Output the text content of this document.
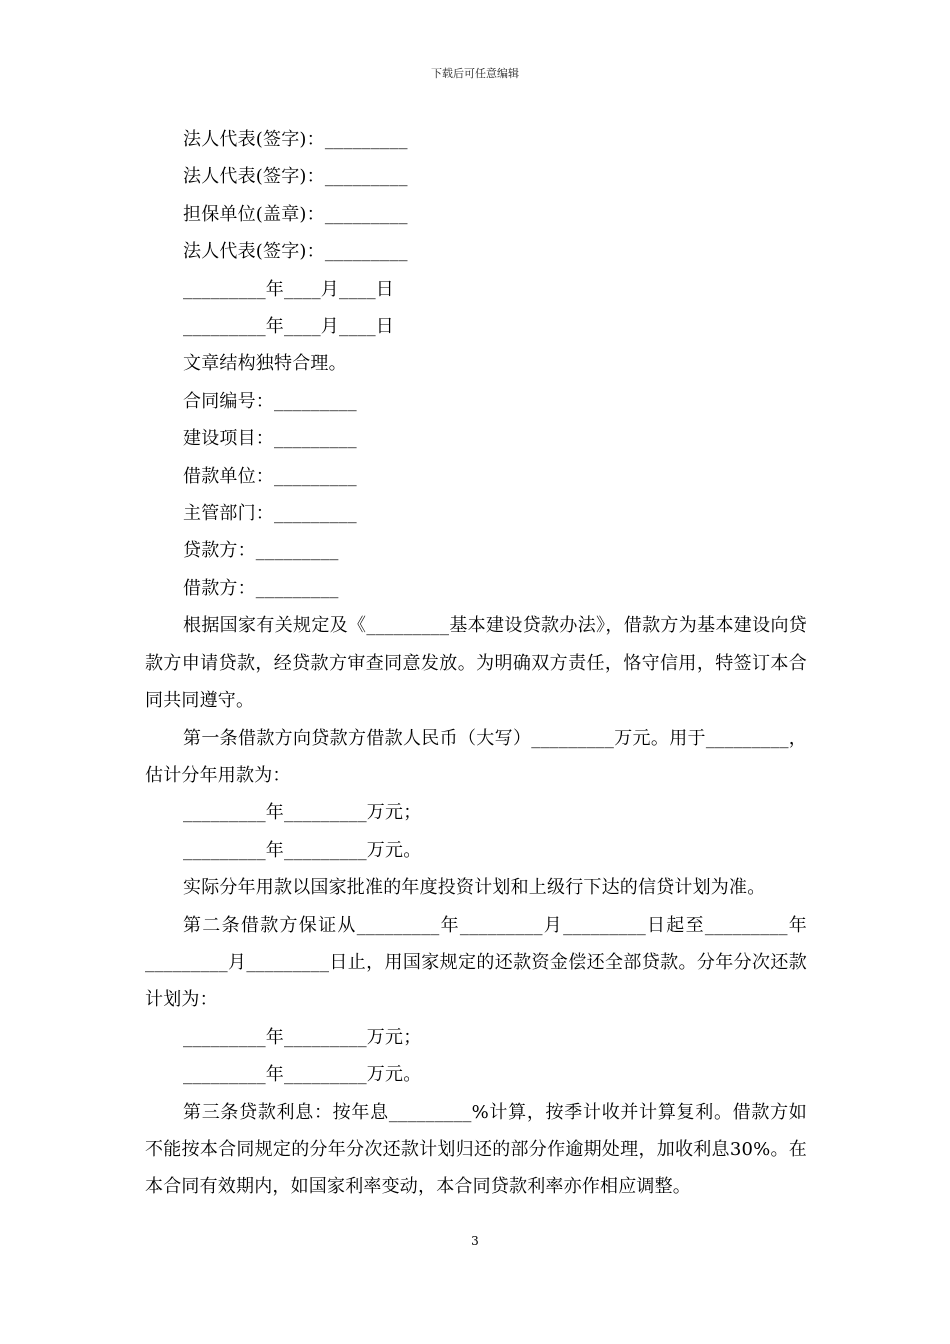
下载后可任意编辑

法人代表(签字)：_________

法人代表(签字)：_________

担保单位(盖章)：_________

法人代表(签字)：_________

_________年____月____日

_________年____月____日

文章结构独特合理。

合同编号：_________

建设项目：_________

借款单位：_________

主管部门：_________

贷款方：_________

借款方：_________

根据国家有关规定及《_________基本建设贷款办法》，借款方为基本建设向贷款方申请贷款，经贷款方审查同意发放。为明确双方责任，恪守信用，特签订本合同共同遵守。

第一条借款方向贷款方借款人民币（大写）_________万元。用于_________，估计分年用款为：

_________年_________万元；

_________年_________万元。

实际分年用款以国家批准的年度投资计划和上级行下达的信贷计划为准。

第二条借款方保证从_________年_________月_________日起至_________年_________月_________日止，用国家规定的还款资金偿还全部贷款。分年分次还款计划为：

_________年_________万元；

_________年_________万元。

第三条贷款利息：按年息_________%计算，按季计收并计算复利。借款方如不能按本合同规定的分年分次还款计划归还的部分作逾期处理，加收利息30%。在本合同有效期内，如国家利率变动，本合同贷款利率亦作相应调整。

3
